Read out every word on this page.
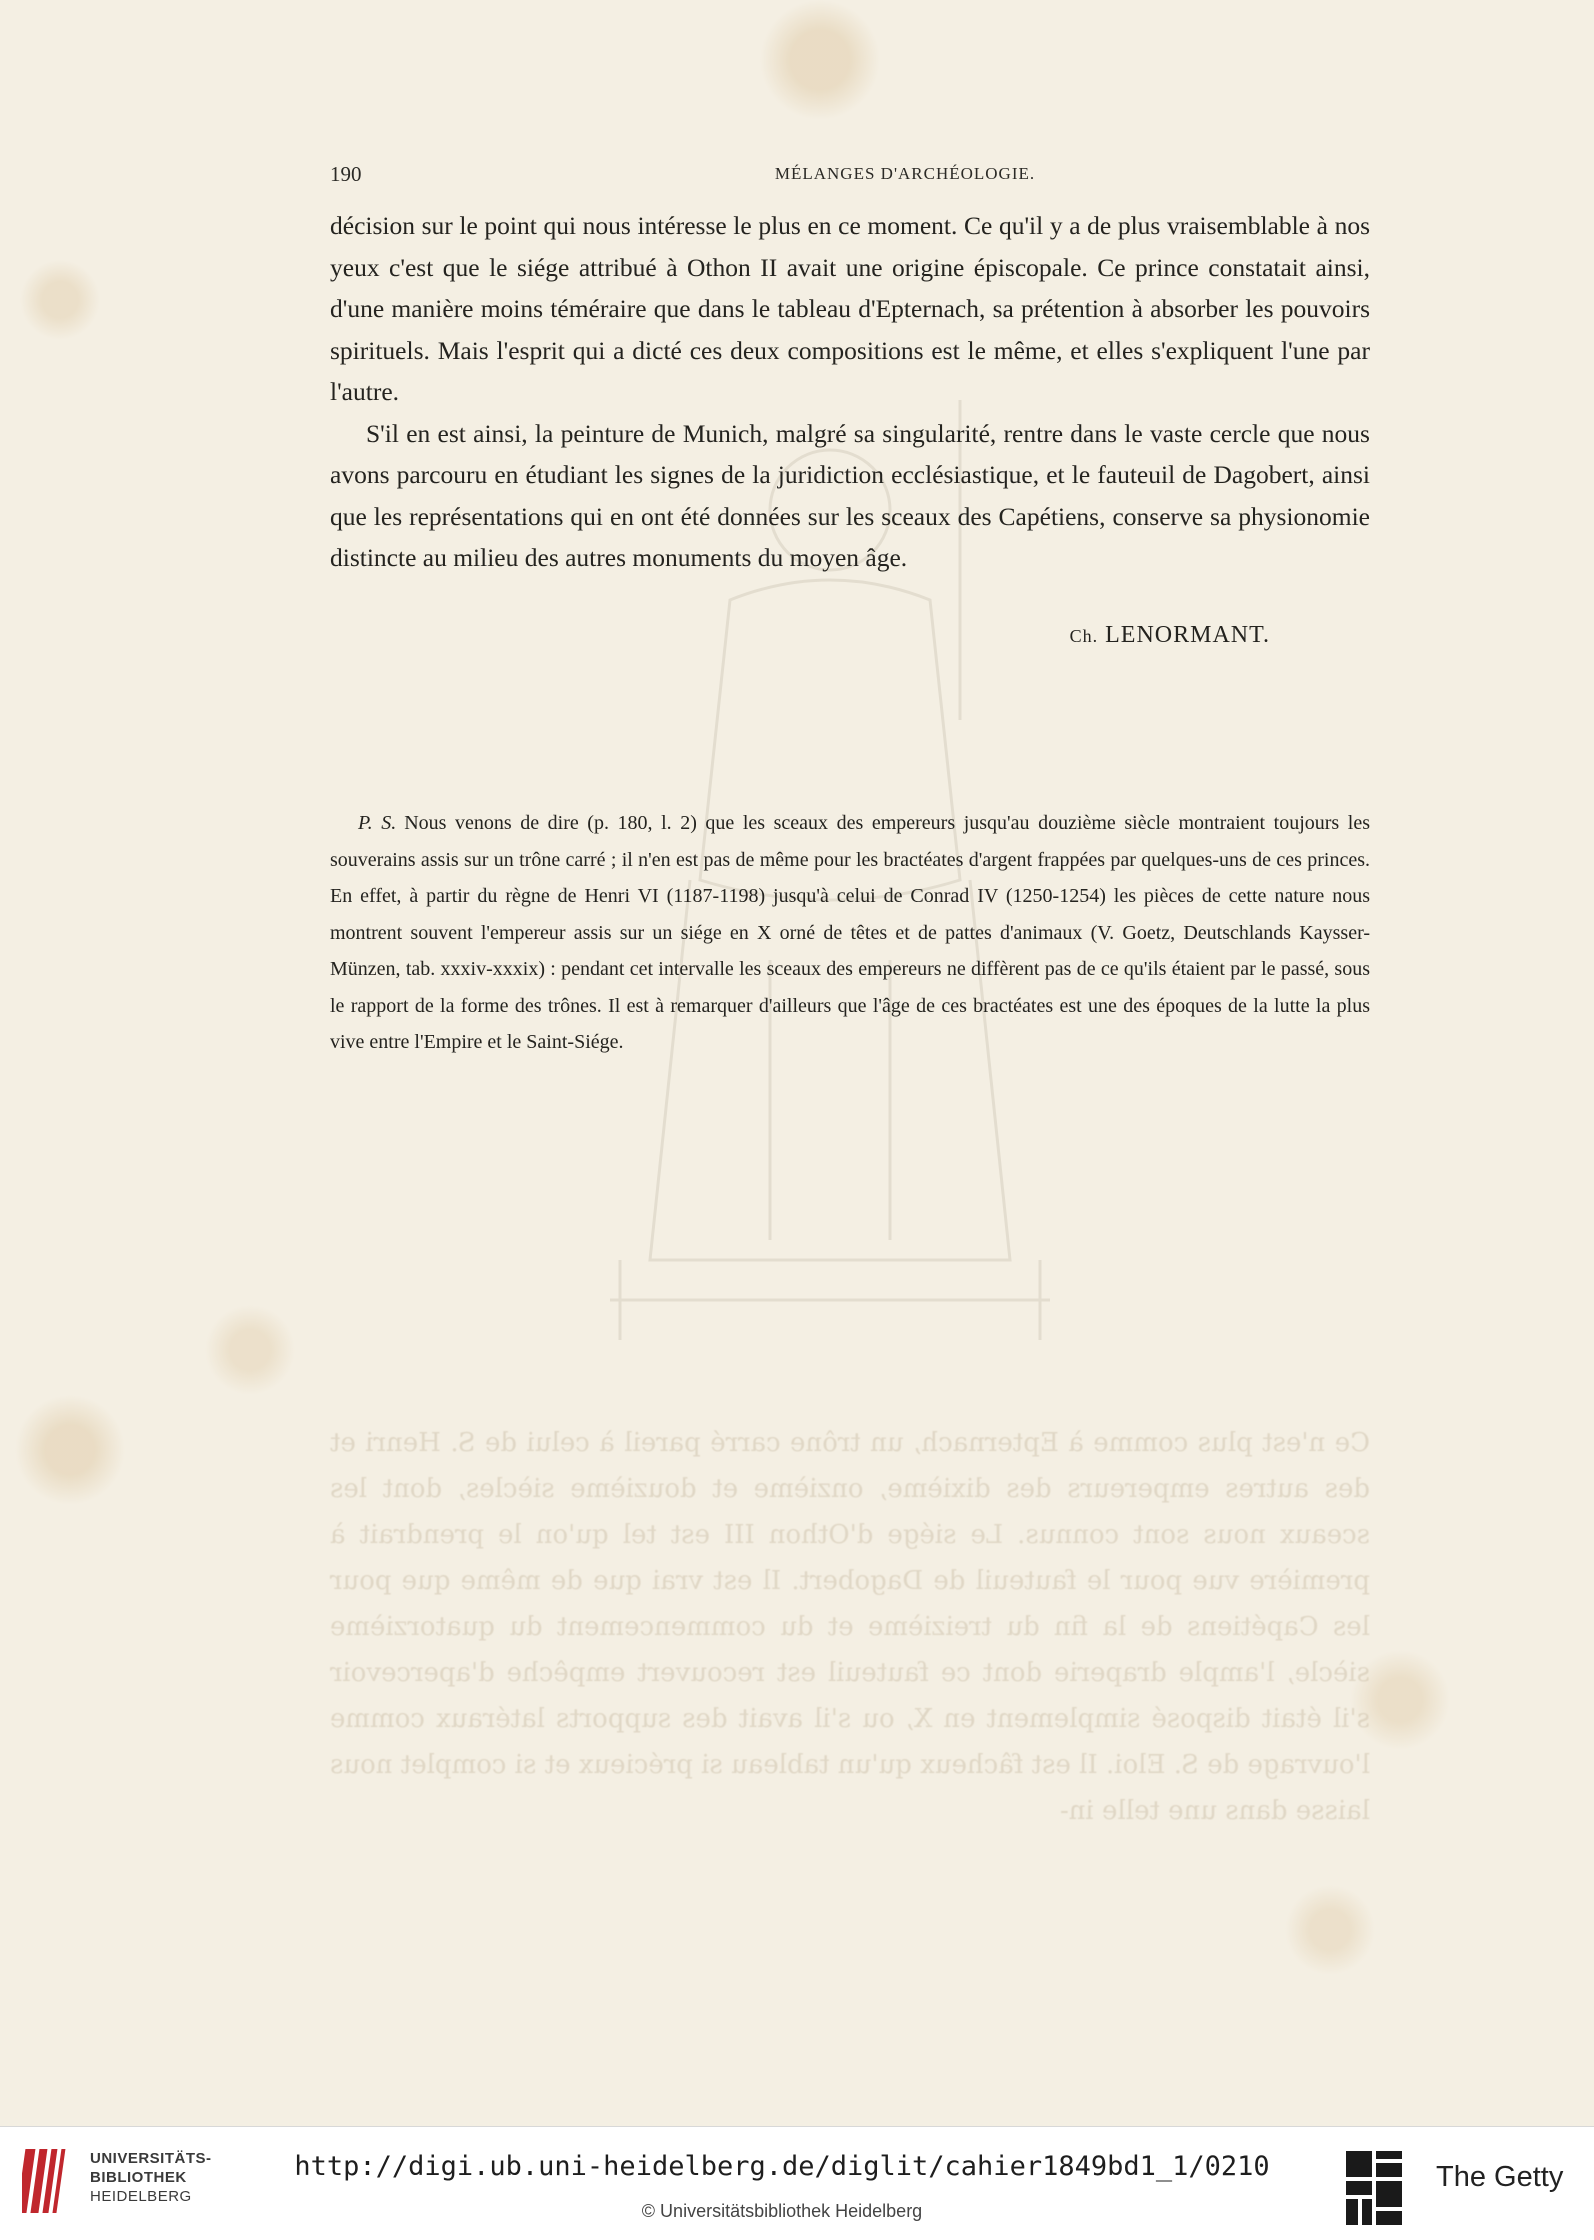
Ce n'est plus comme à Epternach, un trône carré pareil à celui de S. Henri et des autres empereurs des dixième, onzième et douzième siècles, dont les sceaux nous sont connus. Le siége d'Othon III est tel qu'on le prendrait à première vue pour le fauteuil de Dagobert. Il est vrai que de même que pour les Capétiens de la fin du treizième et du commencement du quatorzième siècle, l'ample draperie dont ce fauteuil est recouvert empêche d'apercevoir s'il était disposé simplement en X, ou s'il avait des supports latéraux comme l'ouvrage de S. Eloi. Il est fâcheux qu'un tableau si précieux et si complet nous laisse dans une telle in-
190	MÉLANGES D'ARCHÉOLOGIE.

décision sur le point qui nous intéresse le plus en ce moment. Ce qu'il y a de plus vraisemblable à nos yeux c'est que le siége attribué à Othon II avait une origine épiscopale. Ce prince constatait ainsi, d'une manière moins téméraire que dans le tableau d'Epternach, sa prétention à absorber les pouvoirs spirituels. Mais l'esprit qui a dicté ces deux compositions est le même, et elles s'expliquent l'une par l'autre.

S'il en est ainsi, la peinture de Munich, malgré sa singularité, rentre dans le vaste cercle que nous avons parcouru en étudiant les signes de la juridiction ecclésiastique, et le fauteuil de Dagobert, ainsi que les représentations qui en ont été données sur les sceaux des Capétiens, conserve sa physionomie distincte au milieu des autres monuments du moyen âge.

Ch. LENORMANT.

P. S. Nous venons de dire (p. 180, l. 2) que les sceaux des empereurs jusqu'au douzième siècle montraient toujours les souverains assis sur un trône carré ; il n'en est pas de même pour les bractéates d'argent frappées par quelques-uns de ces princes. En effet, à partir du règne de Henri VI (1187-1198) jusqu'à celui de Conrad IV (1250-1254) les pièces de cette nature nous montrent souvent l'empereur assis sur un siége en X orné de têtes et de pattes d'animaux (V. Goetz, Deutschlands Kaysser-Münzen, tab. xxxiv-xxxix) : pendant cet intervalle les sceaux des empereurs ne diffèrent pas de ce qu'ils étaient par le passé, sous le rapport de la forme des trônes. Il est à remarquer d'ailleurs que l'âge de ces bractéates est une des époques de la lutte la plus vive entre l'Empire et le Saint-Siége.

UNIVERSITÄTS-
BIBLIOTHEK
HEIDELBERG
http://digi.ub.uni-heidelberg.de/diglit/cahier1849bd1_1/0210
© Universitätsbibliothek Heidelberg
The Getty
